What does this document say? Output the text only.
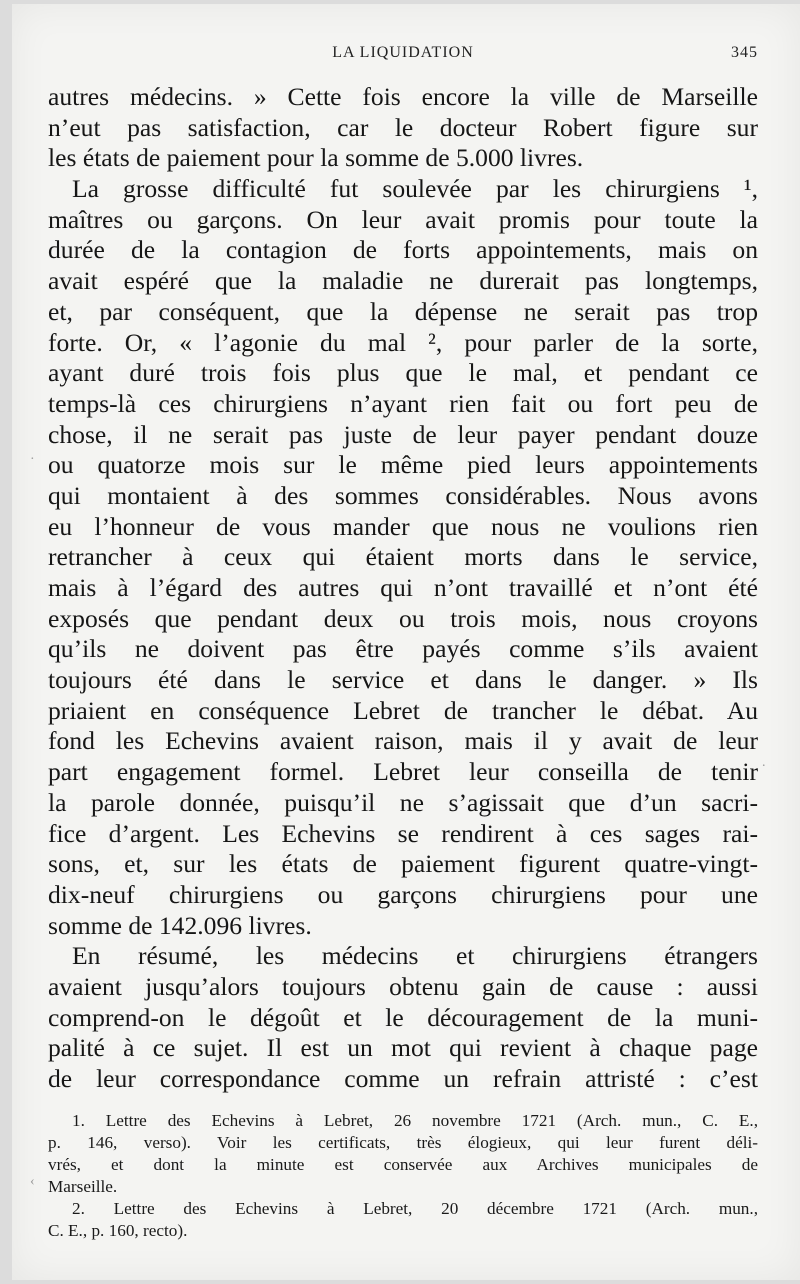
LA LIQUIDATION	345
autres médecins. » Cette fois encore la ville de Marseille
n’eut pas satisfaction, car le docteur Robert figure sur
les états de paiement pour la somme de 5.000 livres.
La grosse difficulté fut soulevée par les chirurgiens ¹,
maîtres ou garçons. On leur avait promis pour toute la
durée de la contagion de forts appointements, mais on
avait espéré que la maladie ne durerait pas longtemps,
et, par conséquent, que la dépense ne serait pas trop
forte. Or, « l’agonie du mal ², pour parler de la sorte,
ayant duré trois fois plus que le mal, et pendant ce
temps-là ces chirurgiens n’ayant rien fait ou fort peu de
chose, il ne serait pas juste de leur payer pendant douze
ou quatorze mois sur le même pied leurs appointements
qui montaient à des sommes considérables. Nous avons
eu l’honneur de vous mander que nous ne voulions rien
retrancher à ceux qui étaient morts dans le service,
mais à l’égard des autres qui n’ont travaillé et n’ont été
exposés que pendant deux ou trois mois, nous croyons
qu’ils ne doivent pas être payés comme s’ils avaient
toujours été dans le service et dans le danger. » Ils
priaient en conséquence Lebret de trancher le débat. Au
fond les Echevins avaient raison, mais il y avait de leur
part engagement formel. Lebret leur conseilla de tenir
la parole donnée, puisqu’il ne s’agissait que d’un sacri-
fice d’argent. Les Echevins se rendirent à ces sages rai-
sons, et, sur les états de paiement figurent quatre-vingt-
dix-neuf chirurgiens ou garçons chirurgiens pour une
somme de 142.096 livres.
En résumé, les médecins et chirurgiens étrangers
avaient jusqu’alors toujours obtenu gain de cause : aussi
comprend-on le dégoût et le découragement de la muni-
palité à ce sujet. Il est un mot qui revient à chaque page
de leur correspondance comme un refrain attristé : c’est
1. Lettre des Echevins à Lebret, 26 novembre 1721 (Arch. mun., C. E.,
p. 146, verso). Voir les certificats, très élogieux, qui leur furent déli-
vrés, et dont la minute est conservée aux Archives municipales de
Marseille.
2. Lettre des Echevins à Lebret, 20 décembre 1721 (Arch. mun.,
C. E., p. 160, recto).
·
‹
.
